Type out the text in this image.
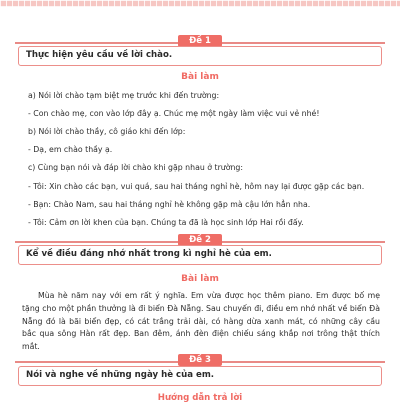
Đề 1
Thực hiện yêu cầu về lời chào.
Bài làm
a) Nói lời chào tạm biệt mẹ trước khi đến trường:
- Con chào mẹ, con vào lớp đây ạ. Chúc mẹ một ngày làm việc vui vẻ nhé!
b) Nói lời chào thầy, cô giáo khi đến lớp:
- Dạ, em chào thầy ạ.
c) Cùng bạn nói và đáp lời chào khi gặp nhau ở trường:
- Tôi: Xin chào các bạn, vui quá, sau hai tháng nghỉ hè, hôm nay lại được gặp các bạn.
- Bạn: Chào Nam, sau hai tháng nghỉ hè không gặp mà cậu lớn hẳn nha.
- Tôi: Cảm ơn lời khen của bạn. Chúng ta đã là học sinh lớp Hai rồi đấy.
Đề 2
Kể về điều đáng nhớ nhất trong kì nghỉ hè của em.
Bài làm
Mùa hè năm nay với em rất ý nghĩa. Em vừa được học thêm piano. Em được bố mẹ tặng cho một phần thưởng là đi biển Đà Nẵng. Sau chuyến đi, điều em nhớ nhất về biển Đà Nẵng đó là bãi biển đẹp, có cát trắng trải dài, có hàng dừa xanh mát, có những cây cầu bắc qua sông Hàn rất đẹp. Ban đêm, ánh đèn điện chiếu sáng khắp nơi trông thật thích mắt.
Đề 3
Nói và nghe về những ngày hè của em.
Hướng dẫn trả lời
